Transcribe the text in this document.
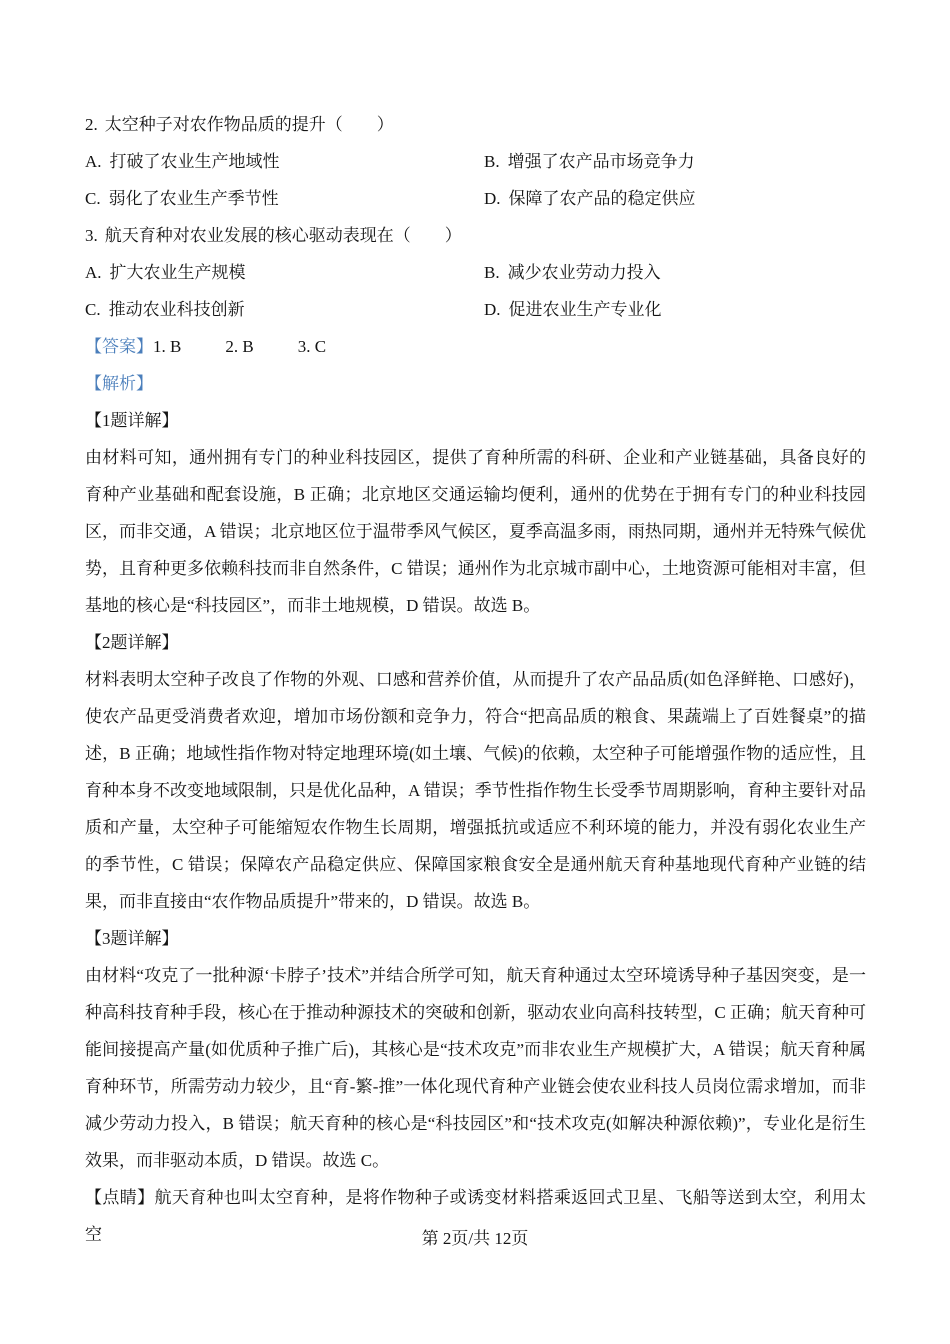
2. 太空种子对农作物品质的提升（　　）
A. 打破了农业生产地域性	B. 增强了农产品市场竞争力
C. 弱化了农业生产季节性	D. 保障了农产品的稳定供应
3. 航天育种对农业发展的核心驱动表现在（　　）
A. 扩大农业生产规模	B. 减少农业劳动力投入
C. 推动农业科技创新	D. 促进农业生产专业化
【答案】1. B	2. B	3. C
【解析】
【1题详解】
由材料可知，通州拥有专门的种业科技园区，提供了育种所需的科研、企业和产业链基础，具备良好的育种产业基础和配套设施，B 正确；北京地区交通运输均便利，通州的优势在于拥有专门的种业科技园区，而非交通，A 错误；北京地区位于温带季风气候区，夏季高温多雨，雨热同期，通州并无特殊气候优势，且育种更多依赖科技而非自然条件，C 错误；通州作为北京城市副中心，土地资源可能相对丰富，但基地的核心是“科技园区”，而非土地规模，D 错误。故选 B。
【2题详解】
材料表明太空种子改良了作物的外观、口感和营养价值，从而提升了农产品品质(如色泽鲜艳、口感好)，使农产品更受消费者欢迎，增加市场份额和竞争力，符合“把高品质的粮食、果蔬端上了百姓餐桌”的描述，B 正确；地域性指作物对特定地理环境(如土壤、气候)的依赖，太空种子可能增强作物的适应性，且育种本身不改变地域限制，只是优化品种，A 错误；季节性指作物生长受季节周期影响，育种主要针对品质和产量，太空种子可能缩短农作物生长周期，增强抵抗或适应不利环境的能力，并没有弱化农业生产的季节性，C 错误；保障农产品稳定供应、保障国家粮食安全是通州航天育种基地现代育种产业链的结果，而非直接由“农作物品质提升”带来的，D 错误。故选 B。
【3题详解】
由材料“攻克了一批种源‘卡脖子’技术”并结合所学可知，航天育种通过太空环境诱导种子基因突变，是一种高科技育种手段，核心在于推动种源技术的突破和创新，驱动农业向高科技转型，C 正确；航天育种可能间接提高产量(如优质种子推广后)，其核心是“技术攻克”而非农业生产规模扩大，A 错误；航天育种属育种环节，所需劳动力较少，且“育-繁-推”一体化现代育种产业链会使农业科技人员岗位需求增加，而非减少劳动力投入，B 错误；航天育种的核心是“科技园区”和“技术攻克(如解决种源依赖)”，专业化是衍生效果，而非驱动本质，D 错误。故选 C。
【点睛】航天育种也叫太空育种，是将作物种子或诱变材料搭乘返回式卫星、飞船等送到太空，利用太空	第 2页/共 12页
